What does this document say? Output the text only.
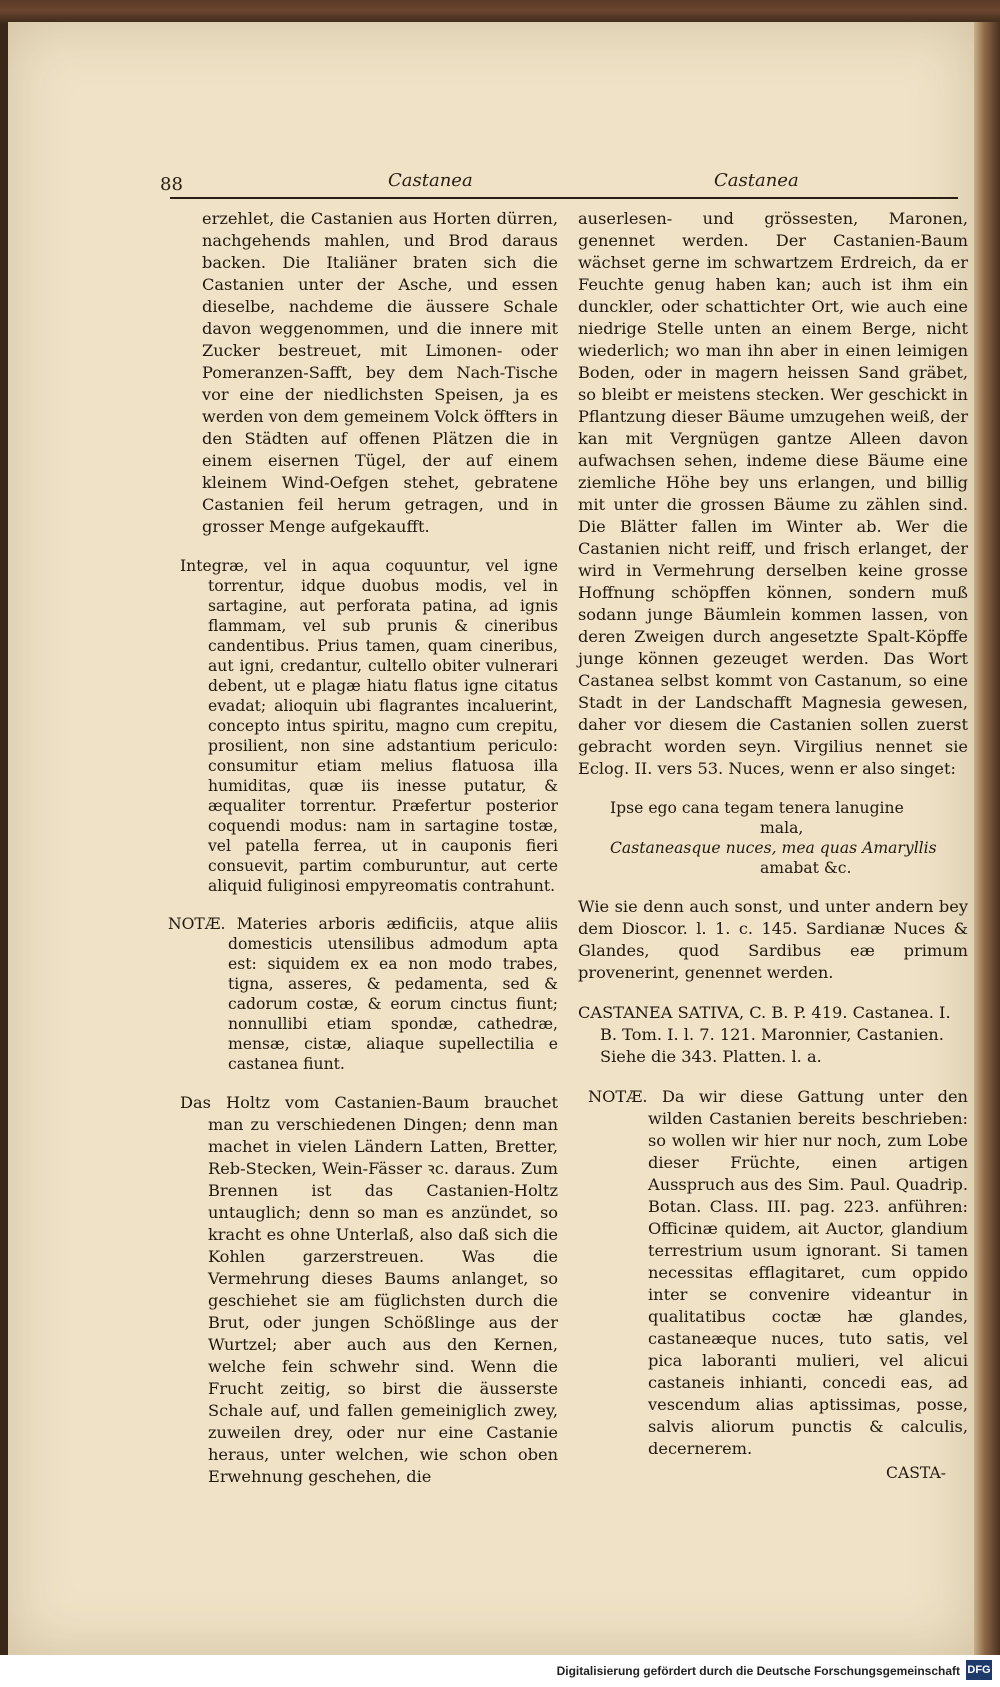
88	Castanea	Castanea
erzehlet, die Castanien aus Horten dürren, nachgehends mahlen, und Brod daraus backen. Die Italiäner braten sich die Castanien unter der Asche, und essen dieselbe, nachdeme die äussere Schale davon weggenommen, und die innere mit Zucker bestreuet, mit Limonen- oder Pomeranzen-Safft, bey dem Nach-Tische vor eine der niedlichsten Speisen, ja es werden von dem gemeinem Volck öffters in den Städten auf offenen Plätzen die in einem eisernen Tügel, der auf einem kleinem Wind-Oefgen stehet, gebratene Castanien feil herum getragen, und in grosser Menge aufgekaufft.
Integræ, vel in aqua coquuntur, vel igne torrentur, idque duobus modis, vel in sartagine, aut perforata patina, ad ignis flammam, vel sub prunis & cineribus candentibus. Prius tamen, quam cineribus, aut igni, credantur, cultello obiter vulnerari debent, ut e plagæ hiatu flatus igne citatus evadat; alioquin ubi flagrantes incaluerint, concepto intus spiritu, magno cum crepitu, prosilient, non sine adstantium periculo: consumitur etiam melius flatuosa illa humiditas, quæ iis inesse putatur, & æqualiter torrentur. Præfertur posterior coquendi modus: nam in sartagine tostæ, vel patella ferrea, ut in cauponis fieri consuevit, partim comburuntur, aut certe aliquid fuliginosi empyreomatis contrahunt.
NOTÆ. Materies arboris ædificiis, atque aliis domesticis utensilibus admodum apta est: siquidem ex ea non modo trabes, tigna, asseres, & pedamenta, sed & cadorum costæ, & eorum cinctus fiunt; nonnullibi etiam spondæ, cathedræ, mensæ, cistæ, aliaque supellectilia e castanea fiunt.
Das Holtz vom Castanien-Baum brauchet man zu verschiedenen Dingen; denn man machet in vielen Ländern Latten, Bretter, Reb-Stecken, Wein-Fässer ꝛc. daraus. Zum Brennen ist das Castanien-Holtz untauglich; denn so man es anzündet, so kracht es ohne Unterlaß, also daß sich die Kohlen garzerstreuen. Was die Vermehrung dieses Baums anlanget, so geschiehet sie am füglichsten durch die Brut, oder jungen Schößlinge aus der Wurtzel; aber auch aus den Kernen, welche fein schwehr sind. Wenn die Frucht zeitig, so birst die äusserste Schale auf, und fallen gemeiniglich zwey, zuweilen drey, oder nur eine Castanie heraus, unter welchen, wie schon oben Erwehnung geschehen, die
auserlesen- und grössesten, Maronen, genennet werden. Der Castanien-Baum wächset gerne im schwartzem Erdreich, da er Feuchte genug haben kan; auch ist ihm ein dunckler, oder schattichter Ort, wie auch eine niedrige Stelle unten an einem Berge, nicht wiederlich; wo man ihn aber in einen leimigen Boden, oder in magern heissen Sand gräbet, so bleibt er meistens stecken. Wer geschickt in Pflantzung dieser Bäume umzugehen weiß, der kan mit Vergnügen gantze Alleen davon aufwachsen sehen, indeme diese Bäume eine ziemliche Höhe bey uns erlangen, und billig mit unter die grossen Bäume zu zählen sind. Die Blätter fallen im Winter ab. Wer die Castanien nicht reiff, und frisch erlanget, der wird in Vermehrung derselben keine grosse Hoffnung schöpffen können, sondern muß sodann junge Bäumlein kommen lassen, von deren Zweigen durch angesetzte Spalt-Köpffe junge können gezeuget werden. Das Wort Castanea selbst kommt von Castanum, so eine Stadt in der Landschafft Magnesia gewesen, daher vor diesem die Castanien sollen zuerst gebracht worden seyn. Virgilius nennet sie Eclog. II. vers 53. Nuces, wenn er also singet:
Ipse ego cana tegam tenera lanugine
mala,
Castaneasque nuces, mea quas Amaryllis
amabat &c.
Wie sie denn auch sonst, und unter andern bey dem Dioscor. l. 1. c. 145. Sardianæ Nuces & Glandes, quod Sardibus eæ primum provenerint, genennet werden.
CASTANEA SATIVA, C. B. P. 419. Castanea. I. B. Tom. I. l. 7. 121. Maronnier, Castanien. Siehe die 343. Platten. l. a.
NOTÆ. Da wir diese Gattung unter den wilden Castanien bereits beschrieben: so wollen wir hier nur noch, zum Lobe dieser Früchte, einen artigen Ausspruch aus des Sim. Paul. Quadrip. Botan. Class. III. pag. 223. anführen: Officinæ quidem, ait Auctor, glandium terrestrium usum ignorant. Si tamen necessitas efflagitaret, cum oppido inter se convenire videantur in qualitatibus coctæ hæ glandes, castaneæque nuces, tuto satis, vel pica laboranti mulieri, vel alicui castaneis inhianti, concedi eas, ad vescendum alias aptissimas, posse, salvis aliorum punctis & calculis, decernerem.
CASTA-
Digitalisierung gefördert durch die Deutsche Forschungsgemeinschaft DFG
